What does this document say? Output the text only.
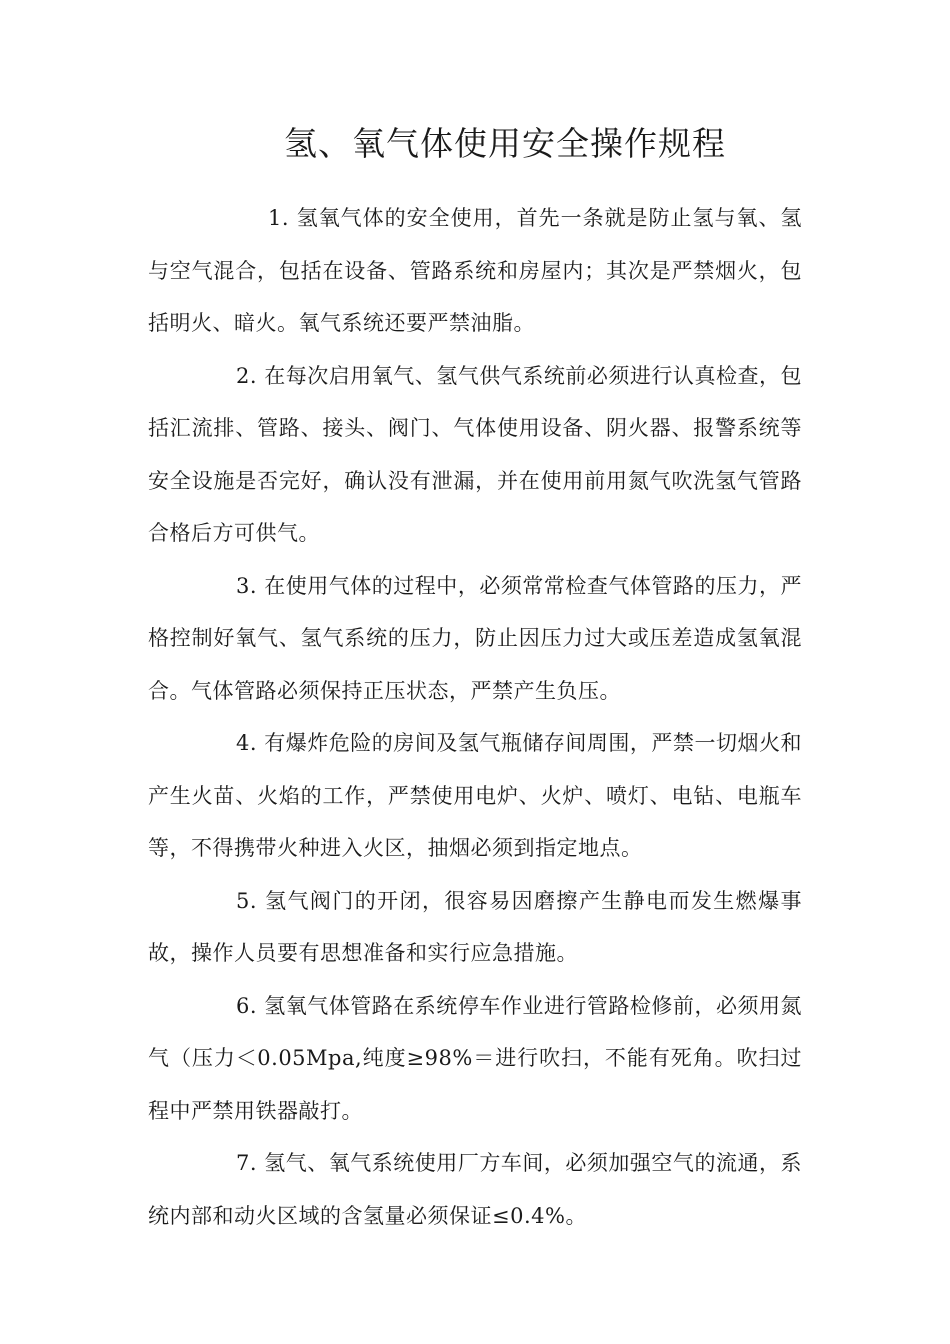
氢、氧气体使用安全操作规程

1. 氢氧气体的安全使用，首先一条就是防止氢与氧、氢与空气混合，包括在设备、管路系统和房屋内；其次是严禁烟火，包括明火、暗火。氧气系统还要严禁油脂。

2. 在每次启用氧气、氢气供气系统前必须进行认真检查，包括汇流排、管路、接头、阀门、气体使用设备、阴火器、报警系统等安全设施是否完好，确认没有泄漏，并在使用前用氮气吹洗氢气管路合格后方可供气。

3. 在使用气体的过程中，必须常常检查气体管路的压力，严格控制好氧气、氢气系统的压力，防止因压力过大或压差造成氢氧混合。气体管路必须保持正压状态，严禁产生负压。

4. 有爆炸危险的房间及氢气瓶储存间周围，严禁一切烟火和产生火苗、火焰的工作，严禁使用电炉、火炉、喷灯、电钻、电瓶车等，不得携带火种进入火区，抽烟必须到指定地点。

5. 氢气阀门的开闭，很容易因磨擦产生静电而发生燃爆事故，操作人员要有思想准备和实行应急措施。

6. 氢氧气体管路在系统停车作业进行管路检修前，必须用氮气（压力＜0.05Mpa,纯度≥98%＝进行吹扫，不能有死角。吹扫过程中严禁用铁器敲打。

7. 氢气、氧气系统使用厂方车间，必须加强空气的流通，系统内部和动火区域的含氢量必须保证≤0.4%。
